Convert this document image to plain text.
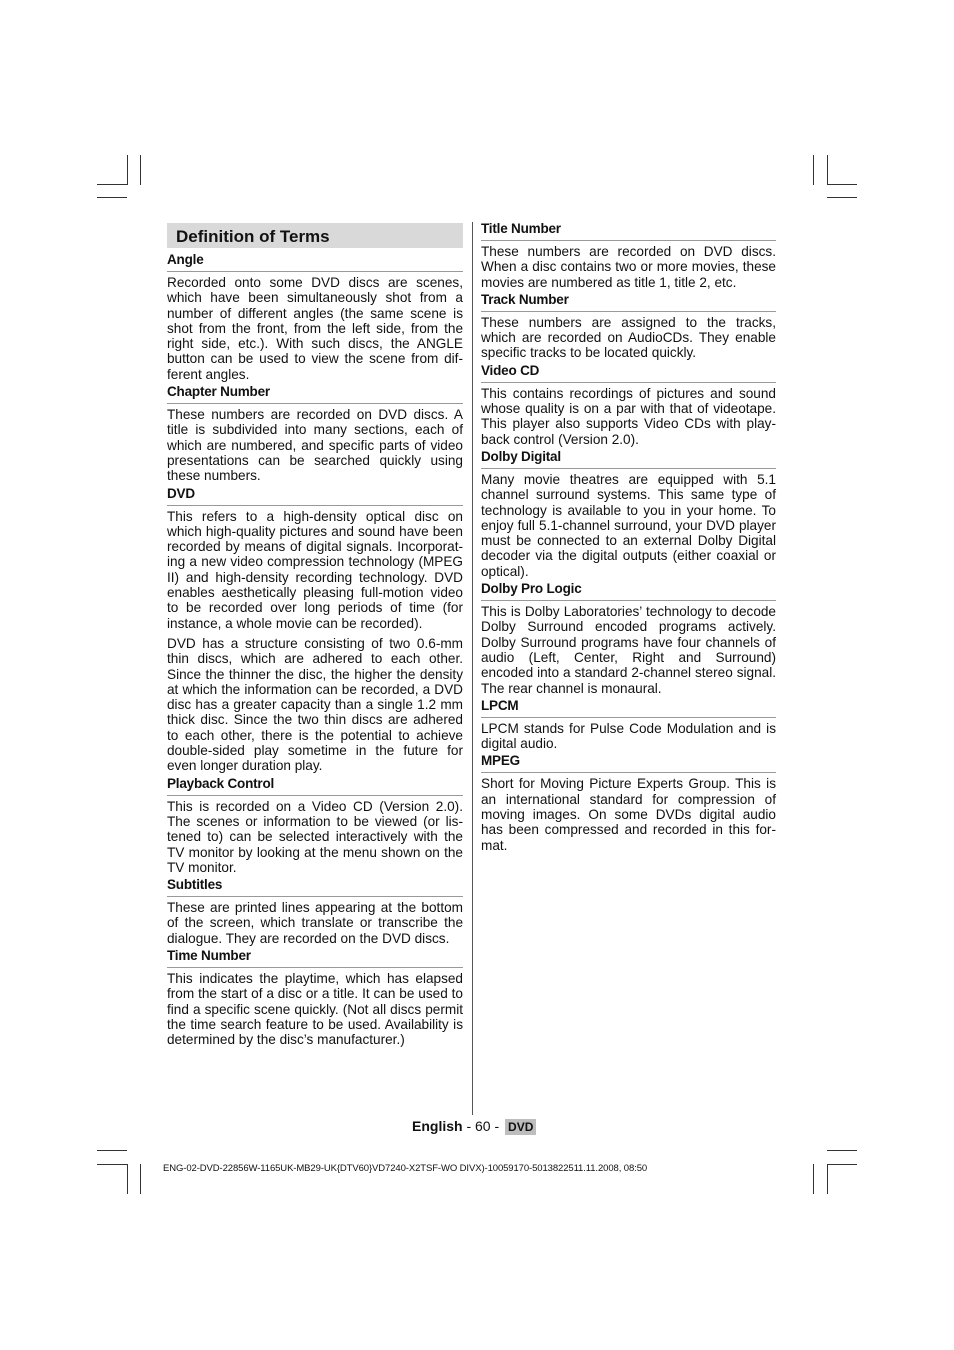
Definition of Terms
Angle
Recorded onto some DVD discs are scenes, which have been simultaneously shot from a number of different angles (the same scene is shot from the front, from the left side, from the right side, etc.). With such discs, the ANGLE button can be used to view the scene from different angles.
Chapter Number
These numbers are recorded on DVD discs. A title is subdivided into many sections, each of which are numbered, and specific parts of video presentations can be searched quickly using these numbers.
DVD
This refers to a high-density optical disc on which high-quality pictures and sound have been recorded by means of digital signals. Incorporating a new video compression technology (MPEG II) and high-density recording technology. DVD enables aesthetically pleasing full-motion video to be recorded over long periods of time (for instance, a whole movie can be recorded).
DVD has a structure consisting of two 0.6-mm thin discs, which are adhered to each other. Since the thinner the disc, the higher the density at which the information can be recorded, a DVD disc has a greater capacity than a single 1.2 mm thick disc. Since the two thin discs are adhered to each other, there is the potential to achieve double-sided play sometime in the future for even longer duration play.
Playback Control
This is recorded on a Video CD (Version 2.0). The scenes or information to be viewed (or listened to) can be selected interactively with the TV monitor by looking at the menu shown on the TV monitor.
Subtitles
These are printed lines appearing at the bottom of the screen, which translate or transcribe the dialogue. They are recorded on the DVD discs.
Time Number
This indicates the playtime, which has elapsed from the start of a disc or a title. It can be used to find a specific scene quickly. (Not all discs permit the time search feature to be used. Availability is determined by the disc’s manufacturer.)
Title Number
These numbers are recorded on DVD discs. When a disc contains two or more movies, these movies are numbered as title 1, title 2, etc.
Track Number
These numbers are assigned to the tracks, which are recorded on AudioCDs. They enable specific tracks to be located quickly.
Video CD
This contains recordings of pictures and sound whose quality is on a par with that of videotape. This player also supports Video CDs with playback control (Version 2.0).
Dolby Digital
Many movie theatres are equipped with 5.1 channel surround systems. This same type of technology is available to you in your home. To enjoy full 5.1-channel surround, your DVD player must be connected to an external Dolby Digital decoder via the digital outputs (either coaxial or optical).
Dolby Pro Logic
This is Dolby Laboratories’ technology to decode Dolby Surround encoded programs actively. Dolby Surround programs have four channels of audio (Left, Center, Right and Surround) encoded into a standard 2-channel stereo signal. The rear channel is monaural.
LPCM
LPCM stands for Pulse Code Modulation and is digital audio.
MPEG
Short for Moving Picture Experts Group. This is an international standard for compression of moving images. On some DVDs digital audio has been compressed and recorded in this format.
English - 60 - DVD
ENG-02-DVD-22856W-1165UK-MB29-UK{DTV60}VD7240-X2TSF-WO DIVX)-10059170-5013822511.11.2008, 08:50
